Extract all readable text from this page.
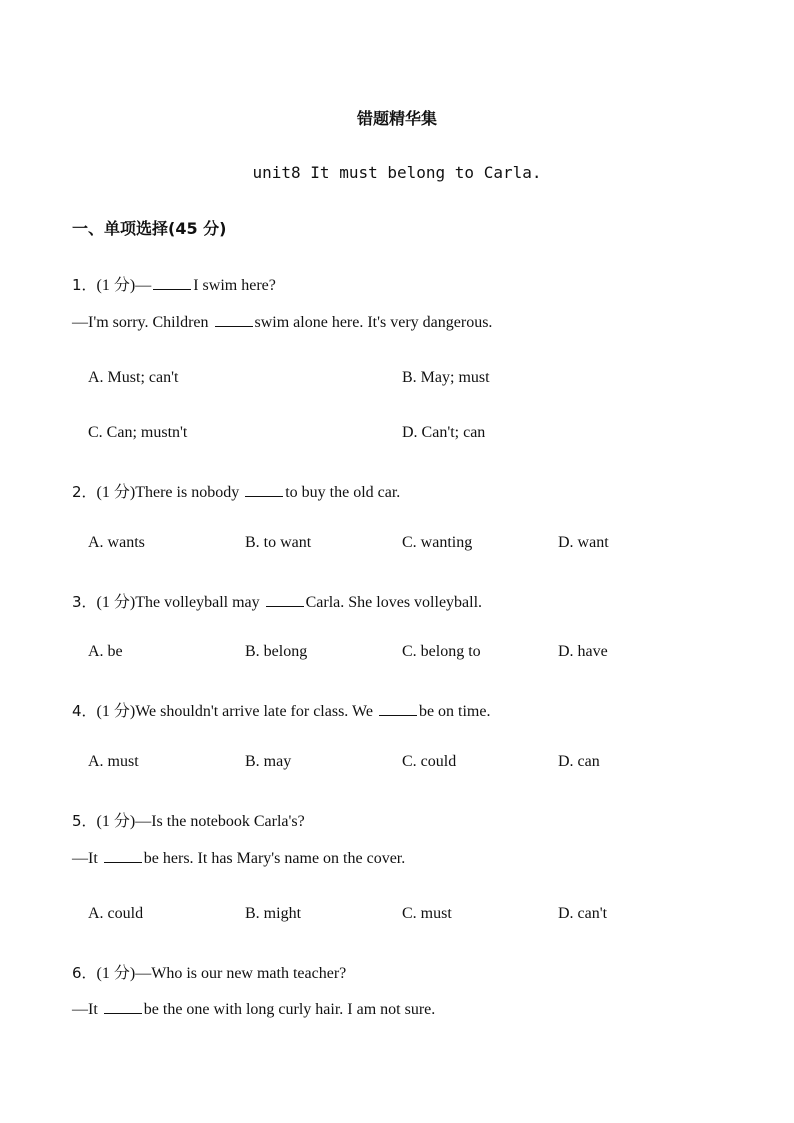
错题精华集
unit8 It must belong to Carla.
一、单项选择(45 分)
1．(1 分)—	I swim here?
—I'm sorry. Children	swim alone here. It's very dangerous.
A. Must; can't	B. May; must
C. Can; mustn't	D. Can't; can
2．(1 分)There is nobody	to buy the old car.
A. wants	B. to want	C. wanting	D. want
3．(1 分)The volleyball may	Carla. She loves volleyball.
A. be	B. belong	C. belong to	D. have
4．(1 分)We shouldn't arrive late for class. We	be on time.
A. must	B. may	C. could	D. can
5．(1 分)—Is the notebook Carla's?
—It	be hers. It has Mary's name on the cover.
A. could	B. might	C. must	D. can't
6．(1 分)—Who is our new math teacher?
—It	be the one with long curly hair. I am not sure.
